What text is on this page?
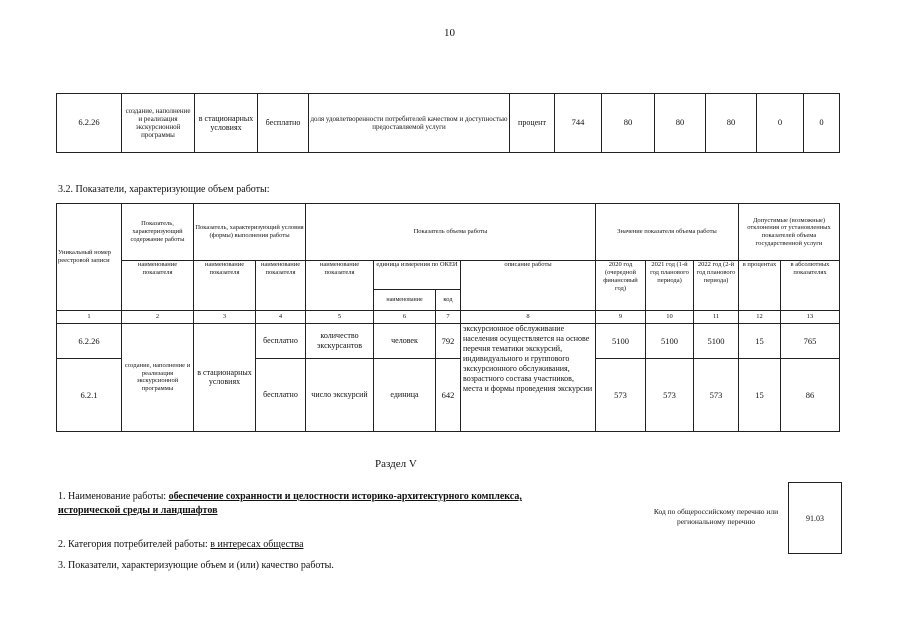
10
6.2.26	создание, наполнение и реализация экскурсионной программы	в стационарных условиях	бесплатно	доля удовлетворенности потребителей качеством и доступностью предоставляемой услуги	процент	744	80	80	80	0	0
3.2. Показатели, характеризующие объем работы:
Уникальный номер реестровой записи	Показатель, характеризующий содержание работы	Показатель, характеризующий условия (формы) выполнения работы		Показатель объема работы				Значение показателя объема работы			Допустимые (возможные) отклонения от установленных показателей объема государственной услуги	
	наименование показателя	наименование показателя	наименование показателя	наименование показателя	единица измерения по ОКЕИ		описание работы	2020 год (очередной финансовый год)	2021 год (1-й год планового периода)	2022 год (2-й год планового периода)	в процентах	в абсолютных показателях
					наименование	код						
1	2	3	4	5	6	7	8	9	10	11	12	13
6.2.26	создание, наполнение и реализация экскурсионной программы	в стационарных условиях	бесплатно	количество экскурсантов	человек	792	экскурсионное обслуживание населения осуществляется на основе перечня тематики экскурсий, индивидуального и группового экскурсионного обслуживания, возрастного состава участников, места и формы проведения экскурсии	5100	5100	5100	15	765
6.2.1			бесплатно	число экскурсий	единица	642		573	573	573	15	86
Раздел V
1. Наименование работы: обеспечение сохранности и целостности историко-архитектурного комплекса,
исторической среды и ландшафтов	Код по общероссийскому перечню или региональному перечню	91.03
2. Категория потребителей работы: в интересах общества
3. Показатели, характеризующие объем и (или) качество работы.
